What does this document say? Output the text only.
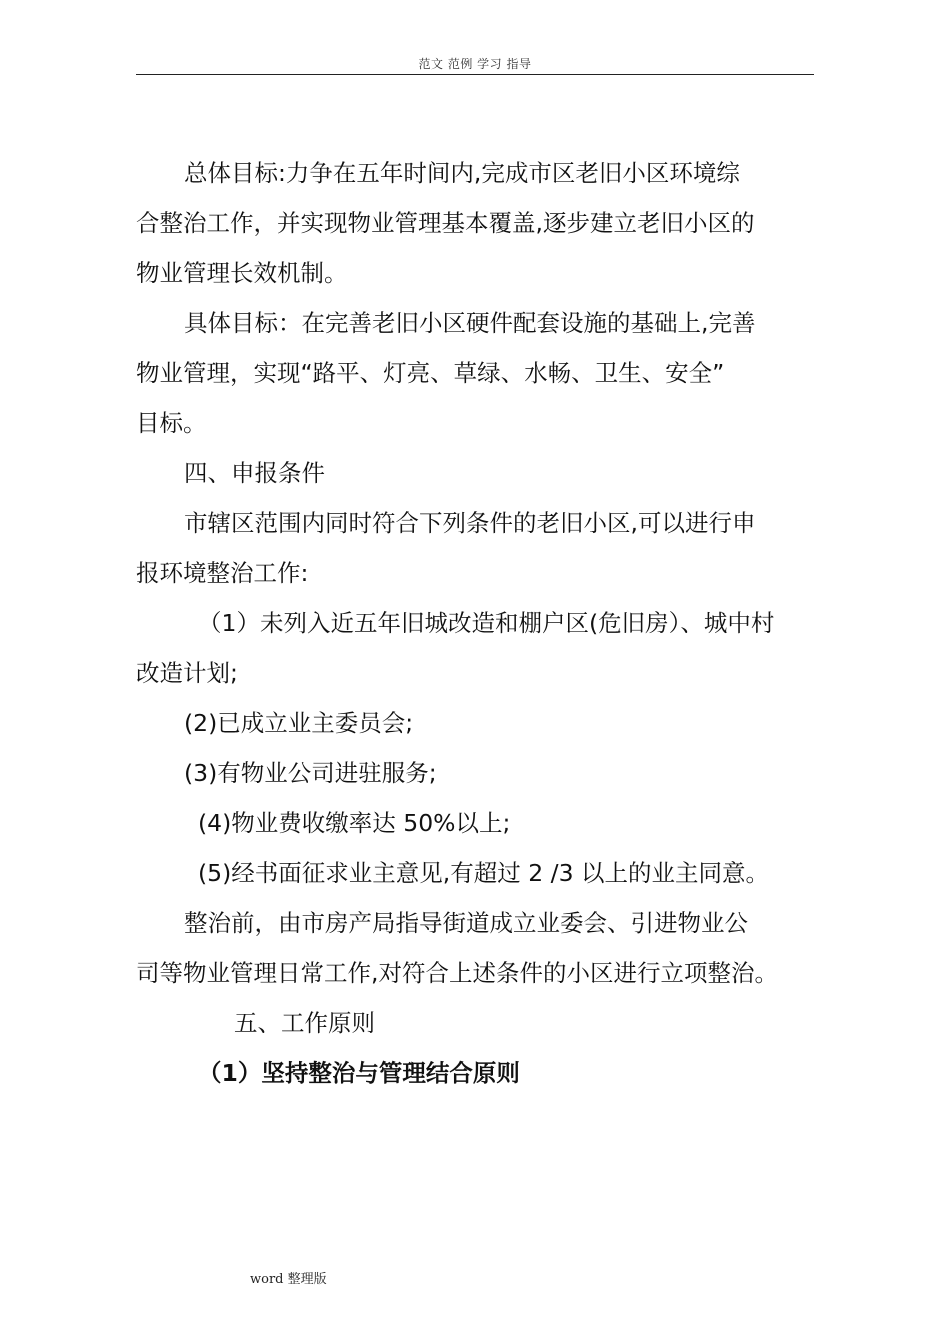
范文 范例 学习 指导

总体目标:力争在五年时间内,完成市区老旧小区环境综

合整治工作，并实现物业管理基本覆盖,逐步建立老旧小区的

物业管理长效机制。

具体目标：在完善老旧小区硬件配套设施的基础上,完善

物业管理，实现“路平、灯亮、草绿、水畅、卫生、安全”

目标。

四、申报条件

市辖区范围内同时符合下列条件的老旧小区,可以进行申

报环境整治工作:

（1）未列入近五年旧城改造和棚户区(危旧房）、城中村

改造计划;

(2)已成立业主委员会;

(3)有物业公司进驻服务;

(4)物业费收缴率达 50%以上;

(5)经书面征求业主意见,有超过 2 /3 以上的业主同意。

整治前，由市房产局指导街道成立业委会、引进物业公

司等物业管理日常工作,对符合上述条件的小区进行立项整治。

五、工作原则

（1）坚持整治与管理结合原则

word 整理版
